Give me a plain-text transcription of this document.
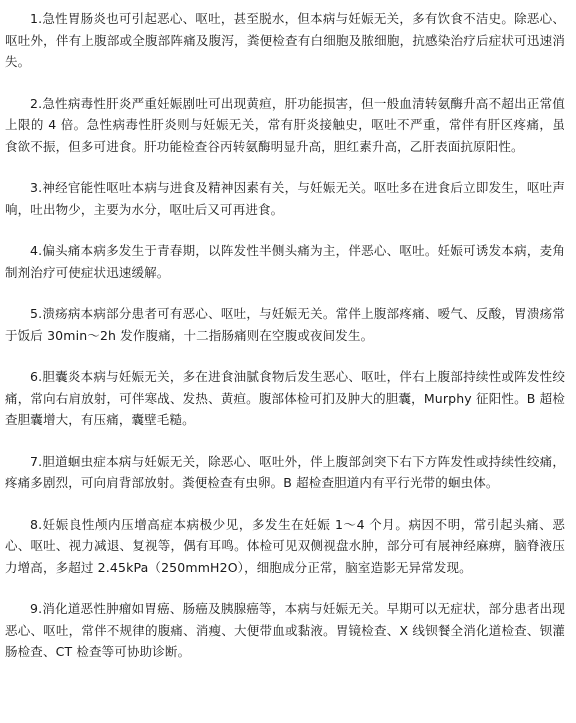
1.急性胃肠炎也可引起恶心、呕吐，甚至脱水，但本病与妊娠无关，多有饮食不洁史。除恶心、呕吐外，伴有上腹部或全腹部阵痛及腹泻，粪便检查有白细胞及脓细胞，抗感染治疗后症状可迅速消失。

2.急性病毒性肝炎严重妊娠剧吐可出现黄疸，肝功能损害，但一般血清转氨酶升高不超出正常值上限的 4 倍。急性病毒性肝炎则与妊娠无关，常有肝炎接触史，呕吐不严重，常伴有肝区疼痛，虽食欲不振，但多可进食。肝功能检查谷丙转氨酶明显升高，胆红素升高，乙肝表面抗原阳性。

3.神经官能性呕吐本病与进食及精神因素有关，与妊娠无关。呕吐多在进食后立即发生，呕吐声响，吐出物少，主要为水分，呕吐后又可再进食。

4.偏头痛本病多发生于青春期，以阵发性半侧头痛为主，伴恶心、呕吐。妊娠可诱发本病，麦角制剂治疗可使症状迅速缓解。

5.溃疡病本病部分患者可有恶心、呕吐，与妊娠无关。常伴上腹部疼痛、嗳气、反酸，胃溃疡常于饭后 30min～2h 发作腹痛，十二指肠痛则在空腹或夜间发生。

6.胆囊炎本病与妊娠无关，多在进食油腻食物后发生恶心、呕吐，伴右上腹部持续性或阵发性绞痛，常向右肩放射，可伴寒战、发热、黄疸。腹部体检可扪及肿大的胆囊，Murphy 征阳性。B 超检查胆囊增大，有压痛，囊壁毛糙。

7.胆道蛔虫症本病与妊娠无关，除恶心、呕吐外，伴上腹部剑突下右下方阵发性或持续性绞痛，疼痛多剧烈，可向肩背部放射。粪便检查有虫卵。B 超检查胆道内有平行光带的蛔虫体。

8.妊娠良性颅内压增高症本病极少见，多发生在妊娠 1～4 个月。病因不明，常引起头痛、恶心、呕吐、视力减退、复视等，偶有耳鸣。体检可见双侧视盘水肿，部分可有展神经麻痹，脑脊液压力增高，多超过 2.45kPa（250mmH2O），细胞成分正常，脑室造影无异常发现。

9.消化道恶性肿瘤如胃癌、肠癌及胰腺癌等，本病与妊娠无关。早期可以无症状，部分患者出现恶心、呕吐，常伴不规律的腹痛、消瘦、大便带血或黏液。胃镜检查、X 线钡餐全消化道检查、钡灌肠检查、CT 检查等可协助诊断。
